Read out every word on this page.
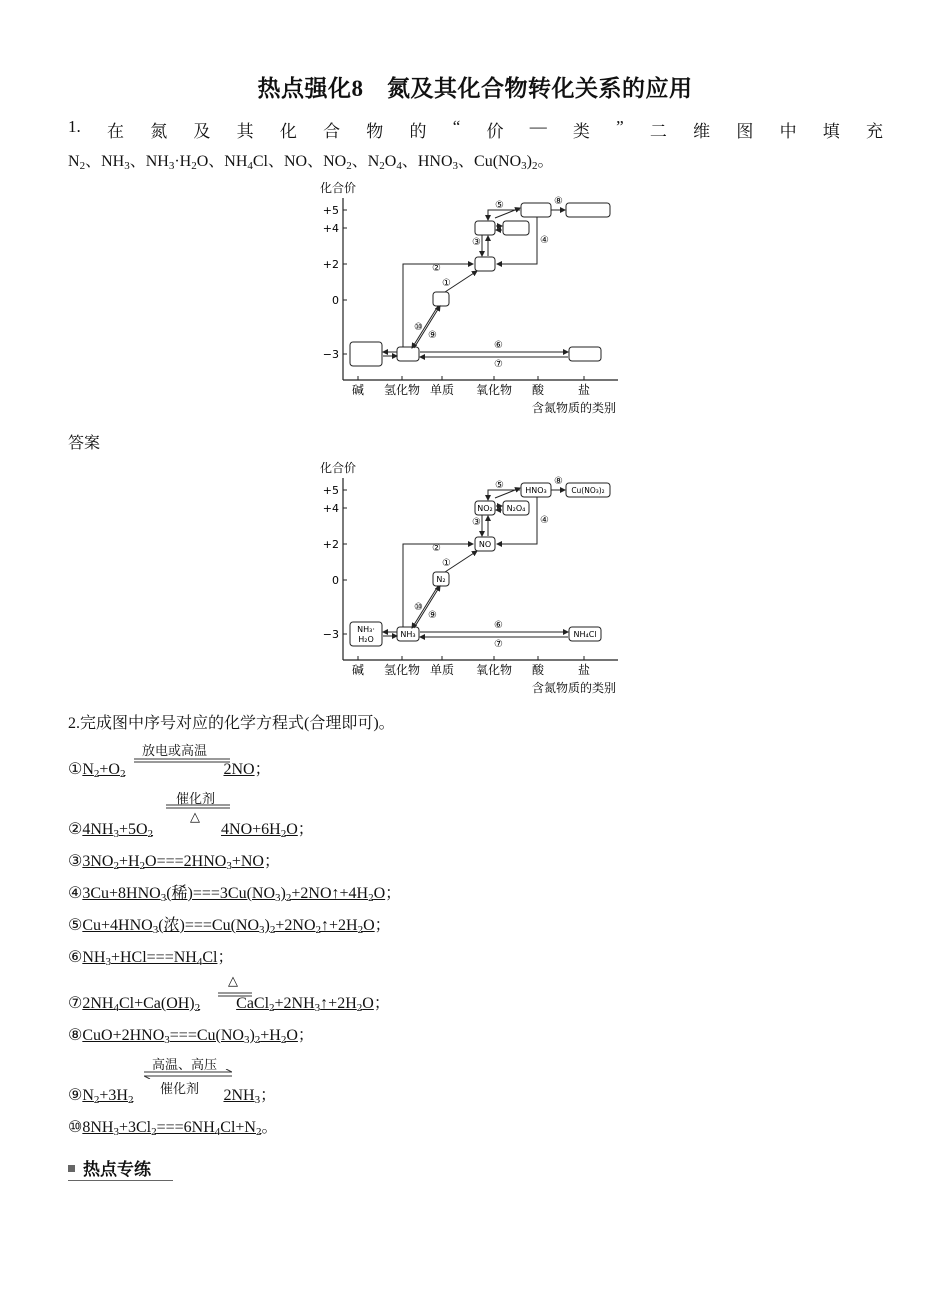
热点强化8　氮及其化合物转化关系的应用
1. 在 氮 及 其 化 合 物 的 “ 价 — 类 ” 二 维 图 中 填 充
$N_2$、$NH_3$、$NH_3\cdot H_2O$、$NH_4Cl$、NO、$NO_2$、$N_2O_4$、$HNO_3$、$Cu(NO_3)_2$。
化合价
+5
+4
+2
0
−3
碱 氢化物 单质 氧化物 酸	盐
含氮物质的类别
①
②
③	④
⑤
⑥
⑦
⑧
⑨
⑩
答案
化合价
+5
+4
+2
0
−3
碱 氢化物 单质 氧化物 酸	盐
含氮物质的类别
NH₃·
H₂O
NH₃
N₂
NO
NO₂ N₂O₄
HNO₃	Cu(NO₃)₂
NH₄Cl
①
②
③	④
⑤
⑥
⑦
⑧
⑨
⑩
2.完成图中序号对应的化学方程式(合理即可)。
$①N_2+O_2$	2NO；
放电或高温
$②4NH_3+5O_2$	$4NO+6H_2O$；
催化剂
△
$③3NO_2+H_2O===2HNO_3+NO$；
$④3Cu+8HNO_3$(稀)$===3Cu(NO_3)_2+2NO↑+4H_2O$；
$⑤Cu+4HNO_3$(浓)$===Cu(NO_3)_2+2NO_2↑+2H_2O$；
$⑥NH_3+HCl===NH_4Cl$；
$⑦2NH_4Cl+Ca(OH)_2$ $CaCl_2+2NH_3↑+2H_2O$；
△
$⑧CuO+2HNO_3===Cu(NO_3)_2+H_2O$；
$⑨N_2+3H_2$	$2NH_3$；
高温、高压
催化剂
$⑩8NH_3+3Cl_2===6NH_4Cl+N_2$。
热点专练
